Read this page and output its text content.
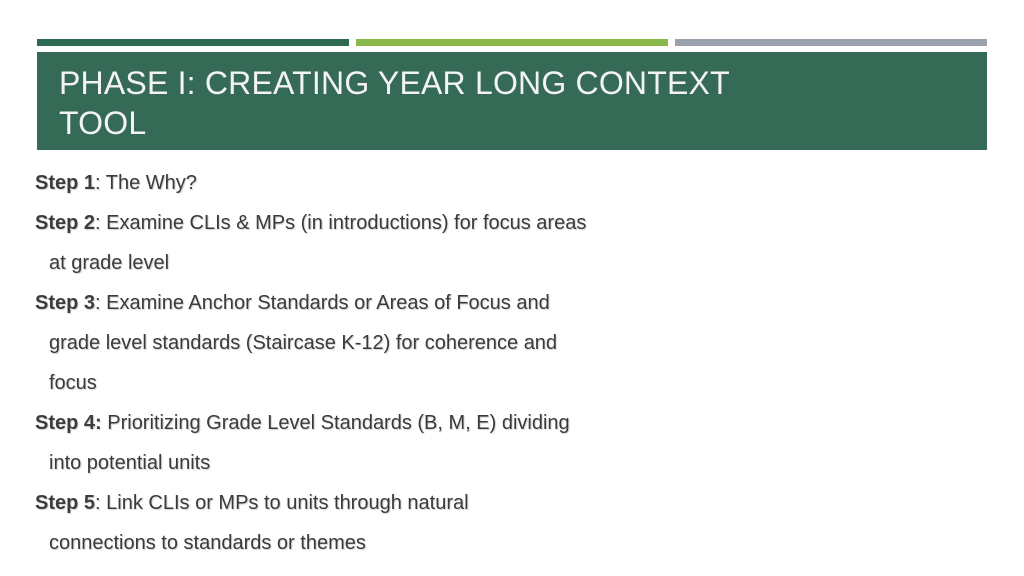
PHASE I: CREATING YEAR LONG CONTEXT TOOL
Step 1: The Why?
Step 2: Examine CLIs & MPs (in introductions) for focus areas
at grade level
Step 3: Examine Anchor Standards or Areas of Focus and
grade level standards (Staircase K-12) for coherence and
focus
Step 4: Prioritizing Grade Level Standards (B, M, E) dividing
into potential units
Step 5: Link CLIs or MPs to units through natural
connections to standards or themes
